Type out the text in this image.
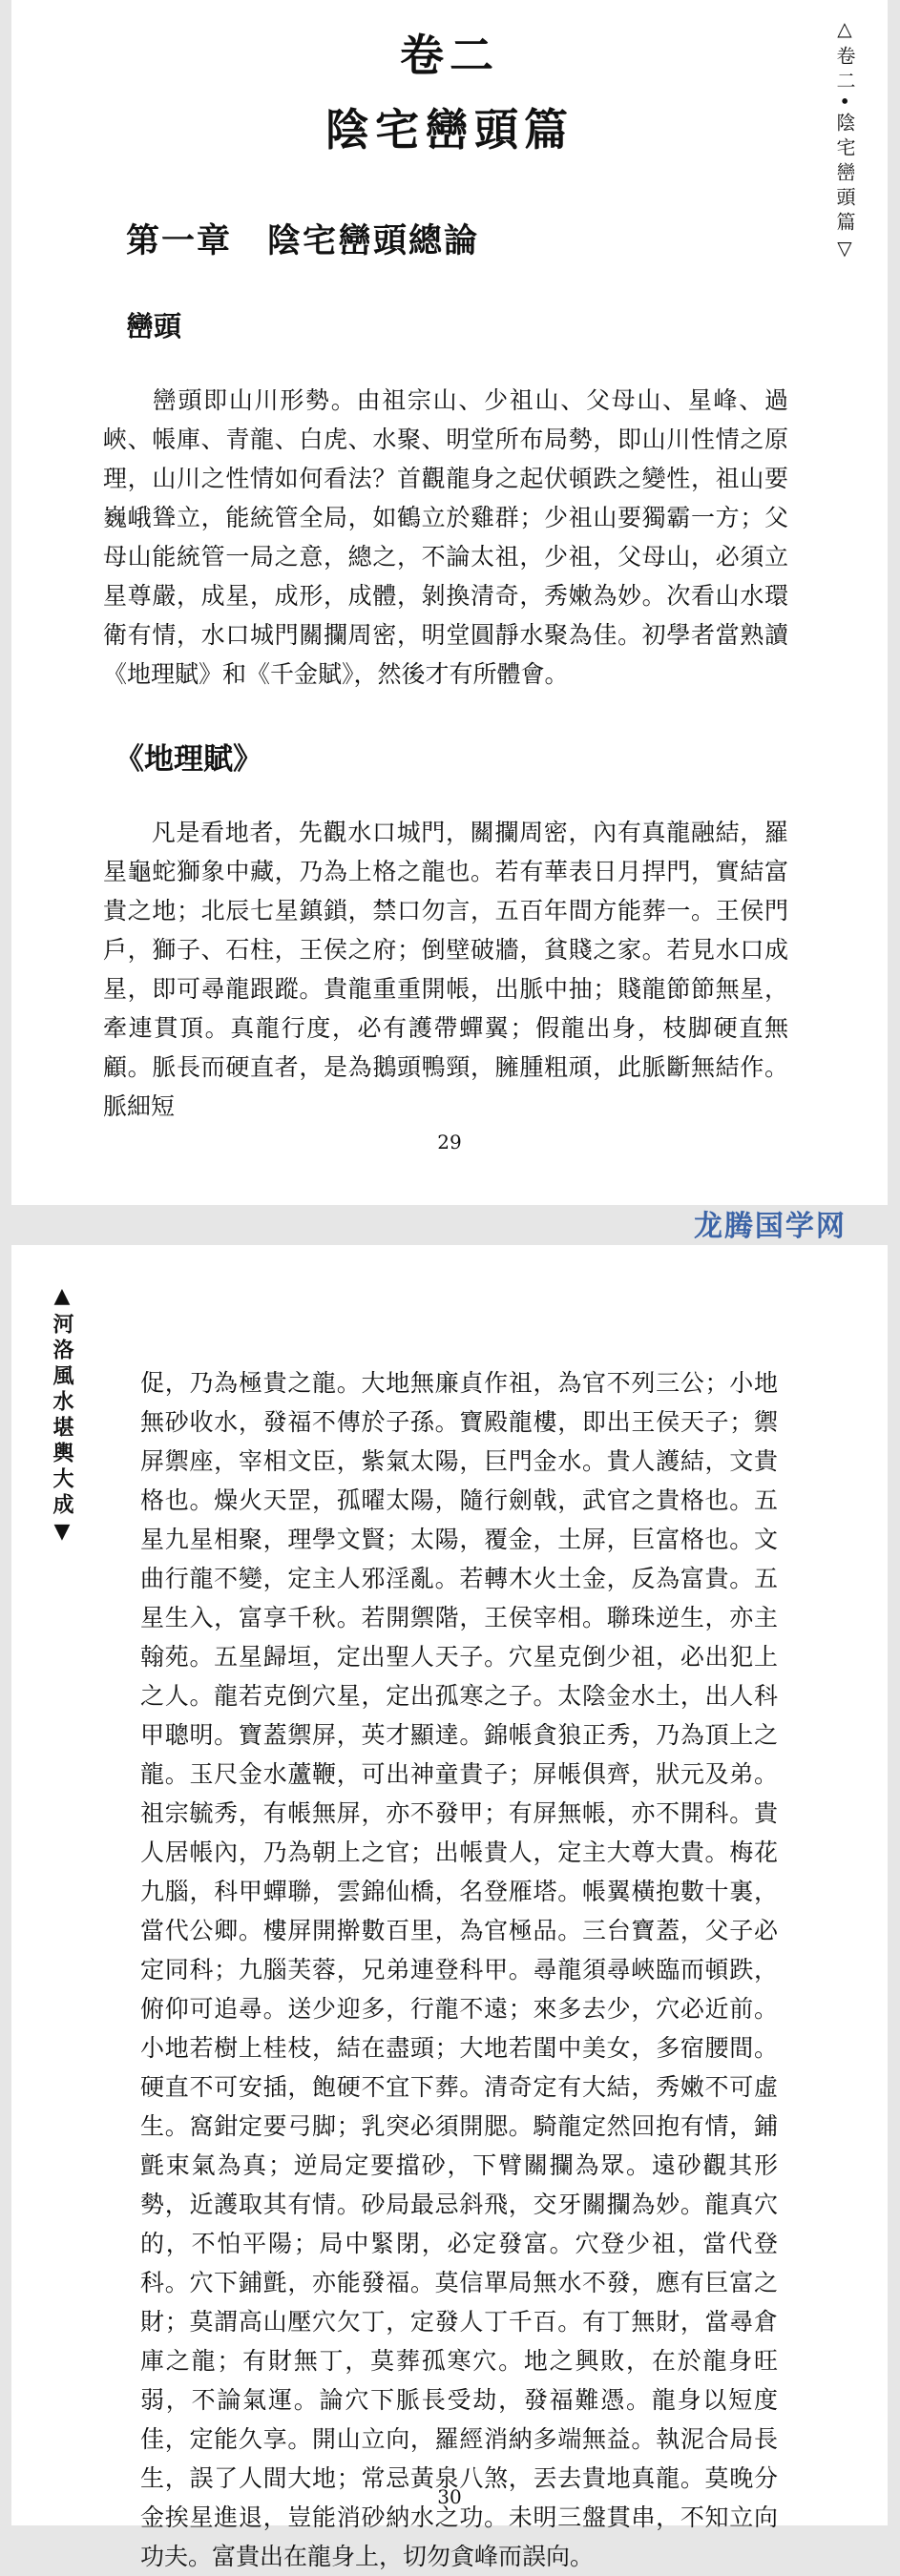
△卷二•陰宅巒頭篇▽
卷二
陰宅巒頭篇
第一章　陰宅巒頭總論
巒頭

巒頭即山川形勢。由祖宗山、少祖山、父母山、星峰、過峽、帳庫、青龍、白虎、水聚、明堂所布局勢，即山川性情之原理，山川之性情如何看法？首觀龍身之起伏頓跌之變性，祖山要巍峨聳立，能統管全局，如鶴立於雞群；少祖山要獨霸一方；父母山能統管一局之意，總之，不論太祖，少祖，父母山，必須立星尊嚴，成星，成形，成體，剝換清奇，秀嫩為妙。次看山水環衛有情，水口城門關攔周密，明堂圓靜水聚為佳。初學者當熟讀《地理賦》和《千金賦》，然後才有所體會。

《地理賦》

凡是看地者，先觀水口城門，關攔周密，內有真龍融結，羅星龜蛇獅象中藏，乃為上格之龍也。若有華表日月捍門，實結富貴之地；北辰七星鎮鎖，禁口勿言，五百年間方能葬一。王侯門戶，獅子、石柱，王侯之府；倒壁破牆，貧賤之家。若見水口成星，即可尋龍跟蹤。貴龍重重開帳，出脈中抽；賤龍節節無星，牽連貫頂。真龍行度，必有護帶蟬翼；假龍出身，枝脚硬直無顧。脈長而硬直者，是為鵝頭鴨頸，臃腫粗頑，此脈斷無結作。脈細短

29
龙腾国学网
▲河洛風水堪輿大成▼	促，乃為極貴之龍。大地無廉貞作祖，為官不列三公；小地無砂收水，發福不傳於子孫。寶殿龍樓，即出王侯天子；禦屏禦座，宰相文臣，紫氣太陽，巨門金水。貴人護結，文貴格也。燥火天罡，孤曜太陽，隨行劍戟，武官之貴格也。五星九星相聚，理學文賢；太陽，覆金，土屏，巨富格也。文曲行龍不變，定主人邪淫亂。若轉木火土金，反為富貴。五星生入，富享千秋。若開禦階，王侯宰相。聯珠逆生，亦主翰苑。五星歸垣，定出聖人天子。穴星克倒少祖，必出犯上之人。龍若克倒穴星，定出孤寒之子。太陰金水土，出人科甲聰明。寶蓋禦屏，英才顯達。錦帳貪狼正秀，乃為頂上之龍。玉尺金水蘆鞭，可出神童貴子；屏帳俱齊，狀元及弟。祖宗毓秀，有帳無屏，亦不發甲；有屏無帳，亦不開科。貴人居帳內，乃為朝上之官；出帳貴人，定主大尊大貴。梅花九腦，科甲蟬聯，雲錦仙橋，名登雁塔。帳翼橫抱數十裏，當代公卿。樓屏開擀數百里，為官極品。三台寶蓋，父子必定同科；九腦芙蓉，兄弟連登科甲。尋龍須尋峽臨而頓跌，俯仰可追尋。送少迎多，行龍不遠；來多去少，穴必近前。小地若樹上桂枝，結在盡頭；大地若閨中美女，多宿腰間。硬直不可安插，飽硬不宜下葬。清奇定有大結，秀嫩不可虛生。窩鉗定要弓脚；乳突必須開腮。騎龍定然回抱有情，鋪氈束氣為真；逆局定要擋砂，下臂關攔為眾。遠砂觀其形勢，近護取其有情。砂局最忌斜飛，交牙關攔為妙。龍真穴的，不怕平陽；局中緊閉，必定發富。穴登少祖，當代登科。穴下鋪氈，亦能發福。莫信單局無水不發，應有巨富之財；莫謂高山壓穴欠丁，定發人丁千百。有丁無財，當尋倉庫之龍；有財無丁，莫葬孤寒穴。地之興敗，在於龍身旺弱，不論氣運。論穴下脈長受劫，發福難憑。龍身以短度佳，定能久享。開山立向，羅經消納多端無益。執泥合局長生，誤了人間大地；常忌黃泉八煞，丟去貴地真龍。莫晚分金挨星進退，豈能消砂納水之功。未明三盤貫串，不知立向功夫。富貴出在龍身上，切勿貪峰而誤向。

30
